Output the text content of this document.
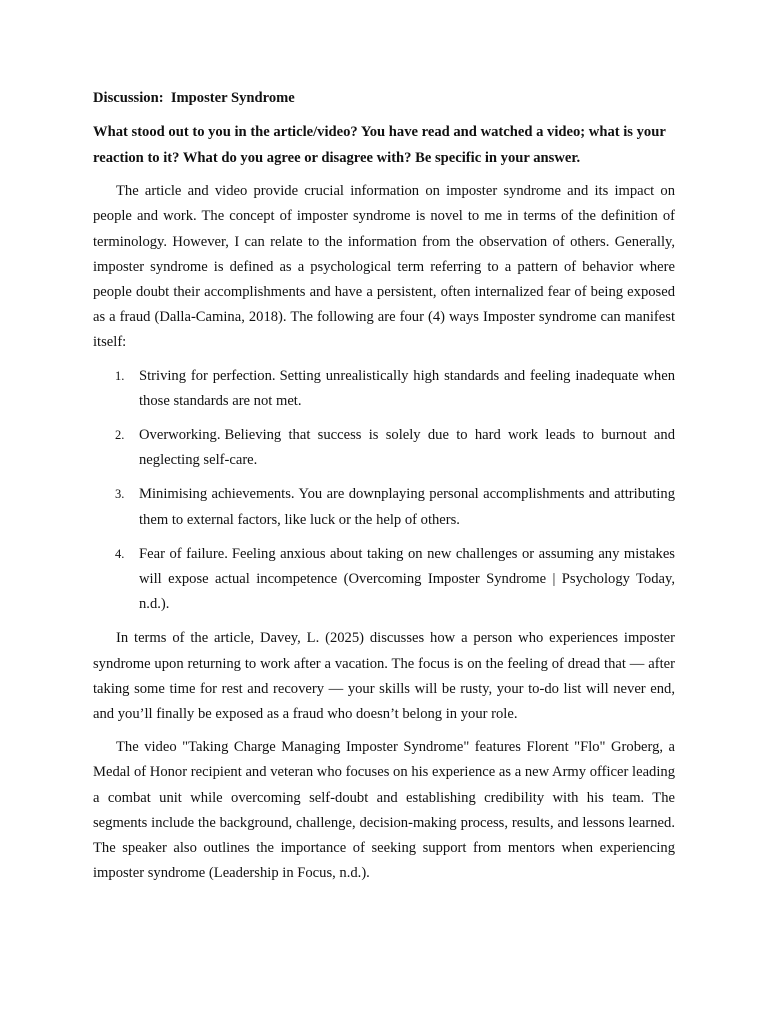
Discussion:  Imposter Syndrome
What stood out to you in the article/video? You have read and watched a video; what is your reaction to it? What do you agree or disagree with? Be specific in your answer.

The article and video provide crucial information on imposter syndrome and its impact on people and work. The concept of imposter syndrome is novel to me in terms of the definition of terminology. However, I can relate to the information from the observation of others. Generally, imposter syndrome is defined as a psychological term referring to a pattern of behavior where people doubt their accomplishments and have a persistent, often internalized fear of being exposed as a fraud (Dalla-Camina, 2018). The following are four (4) ways Imposter syndrome can manifest itself:

1. Striving for perfection. Setting unrealistically high standards and feeling inadequate when those standards are not met.
2. Overworking. Believing that success is solely due to hard work leads to burnout and neglecting self-care.
3. Minimising achievements. You are downplaying personal accomplishments and attributing them to external factors, like luck or the help of others.
4. Fear of failure. Feeling anxious about taking on new challenges or assuming any mistakes will expose actual incompetence (Overcoming Imposter Syndrome | Psychology Today, n.d.).

In terms of the article, Davey, L. (2025) discusses how a person who experiences imposter syndrome upon returning to work after a vacation. The focus is on the feeling of dread that — after taking some time for rest and recovery — your skills will be rusty, your to-do list will never end, and you’ll finally be exposed as a fraud who doesn’t belong in your role.

The video "Taking Charge Managing Imposter Syndrome" features Florent "Flo" Groberg, a Medal of Honor recipient and veteran who focuses on his experience as a new Army officer leading a combat unit while overcoming self-doubt and establishing credibility with his team. The segments include the background, challenge, decision-making process, results, and lessons learned. The speaker also outlines the importance of seeking support from mentors when experiencing imposter syndrome (Leadership in Focus, n.d.).
